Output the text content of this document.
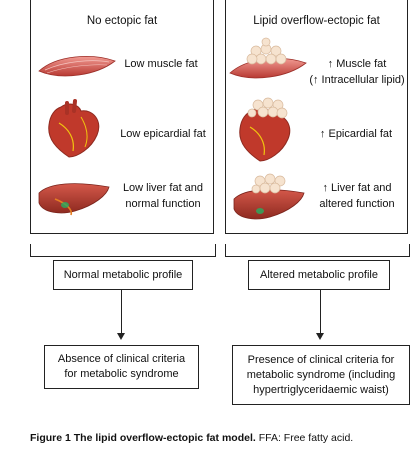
No ectopic fat
Low muscle fat
Low epicardial fat
Low liver fat and
normal function
Lipid overflow-ectopic fat
↑ Muscle fat
(↑ Intracellular lipid)
↑ Epicardial fat
↑ Liver fat and
altered function
Normal metabolic profile	Altered metabolic profile
Absence of clinical criteria
for metabolic syndrome
Presence of clinical criteria for
metabolic syndrome (including
hypertriglyceridaemic waist)
Figure 1 The lipid overflow-ectopic fat model. FFA: Free fatty acid.
